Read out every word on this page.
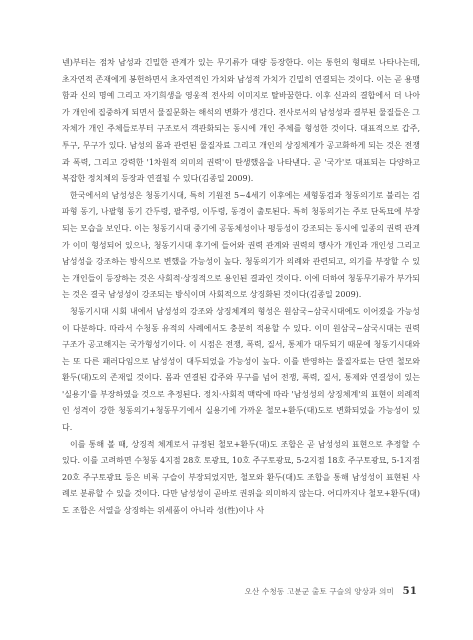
넨)부터는 점차 남성과 긴밀한 관계가 있는 무기류가 대량 등장한다. 이는 통헌의 형태로 나타나는데, 초자연적 존재에게 봉헌하면서 초자연적인 가치와 남성적 가치가 긴밀히 연결되는 것이다. 이는 곧 용맹함과 신의 명예 그리고 자기희생을 영웅적 전사의 이미지로 탈바꿈한다. 이후 신과의 결합에서 더 나아가 개인에 집중하게 되면서 물질문화는 해석의 변화가 생긴다. 전사로서의 남성성과 결부된 물질들은 그 자체가 개인 주체들로부터 구조로서 객관화되는 동시에 개인 주체를 형성한 것이다. 대표적으로 갑주, 투구, 무구가 있다. 남성의 몸과 관련된 물질자료 그리고 개인의 상징체계가 공고화하게 되는 것은 전쟁과 폭력, 그리고 강력한 '1차원적 의미의 권력'이 탄생했음을 나타낸다. 곧 '국가'로 대표되는 다양하고 복잡한 정치체의 등장과 연결될 수 있다(김종일 2009).

한국에서의 남성성은 청동기시대, 특히 기원전 5~4세기 이후에는 세형동검과 청동의기로 불리는 검파형 동기, 나팔형 동기 간두령, 팔주령, 이두령, 동경이 출토된다. 특히 청동의기는 주로 단독묘에 부장되는 모습을 보인다. 이는 청동기시대 중기에 공동체성이나 평등성이 강조되는 동시에 일종의 권력 관계가 이미 형성되어 있으나, 청동기시대 후기에 들어와 권력 관계와 권력의 행사가 개인과 개인성 그리고 남성성을 강조하는 방식으로 변했을 가능성이 높다. 청동의기가 의례와 관련되고, 의기를 부장할 수 있는 개인들이 등장하는 것은 사회적·상징적으로 용인된 결과인 것이다. 이에 더하여 청동무기류가 부가되는 것은 결국 남성성이 강조되는 방식이며 사회적으로 상징화된 것이다(김종일 2009).

청동기시대 시회 내에서 남성성의 강조와 상징체계의 형성은 원삼국~삼국시대에도 이어졌을 가능성이 다분하다. 따라서 수청동 유적의 사례에서도 충분히 적용할 수 있다. 이미 원삼국~삼국시대는 권력구조가 공고해지는 국가형성기이다. 이 시점은 전쟁, 폭력, 질서, 통제가 대두되기 때문에 청동기시대와는 또 다른 패러다임으로 남성성이 대두되었을 가능성이 높다. 이를 반영하는 물질자료는 단연 철모와 환두(대)도의 존재일 것이다. 몸과 연결된 갑주와 무구를 넘어 전쟁, 폭력, 질서, 통제와 연결성이 있는 '실용기'를 부장하였을 것으로 추정된다. 정치·사회적 맥락에 따라 '남성성의 상징체계'의 표현이 의례적인 성격이 강한 청동의기+청동무기에서 실용기에 가까운 철모+환두(대)도로 변화되었을 가능성이 있다.

이를 통해 볼 때, 상징적 체계로서 규정된 철모+환두(대)도 조합은 곧 남성성의 표현으로 추정할 수 있다. 이를 고려하면 수청동 4지점 28호 토광묘, 10호 주구토광묘, 5-2지점 18호 주구토광묘, 5-1지점 20호 주구토광묘 등은 비록 구슬이 부장되었지만, 철모와 환두(대)도 조합을 통해 남성성이 표현된 사례로 분류할 수 있을 것이다. 다만 남성성이 곧바로 권위을 의미하지 않는다. 어디까지나 철모+환두(대)도 조합은 서열을 상징하는 위세품이 아니라 성(性)이나 사

오산 수청동 고분군 출토 구슬의 양상과 의미 51
